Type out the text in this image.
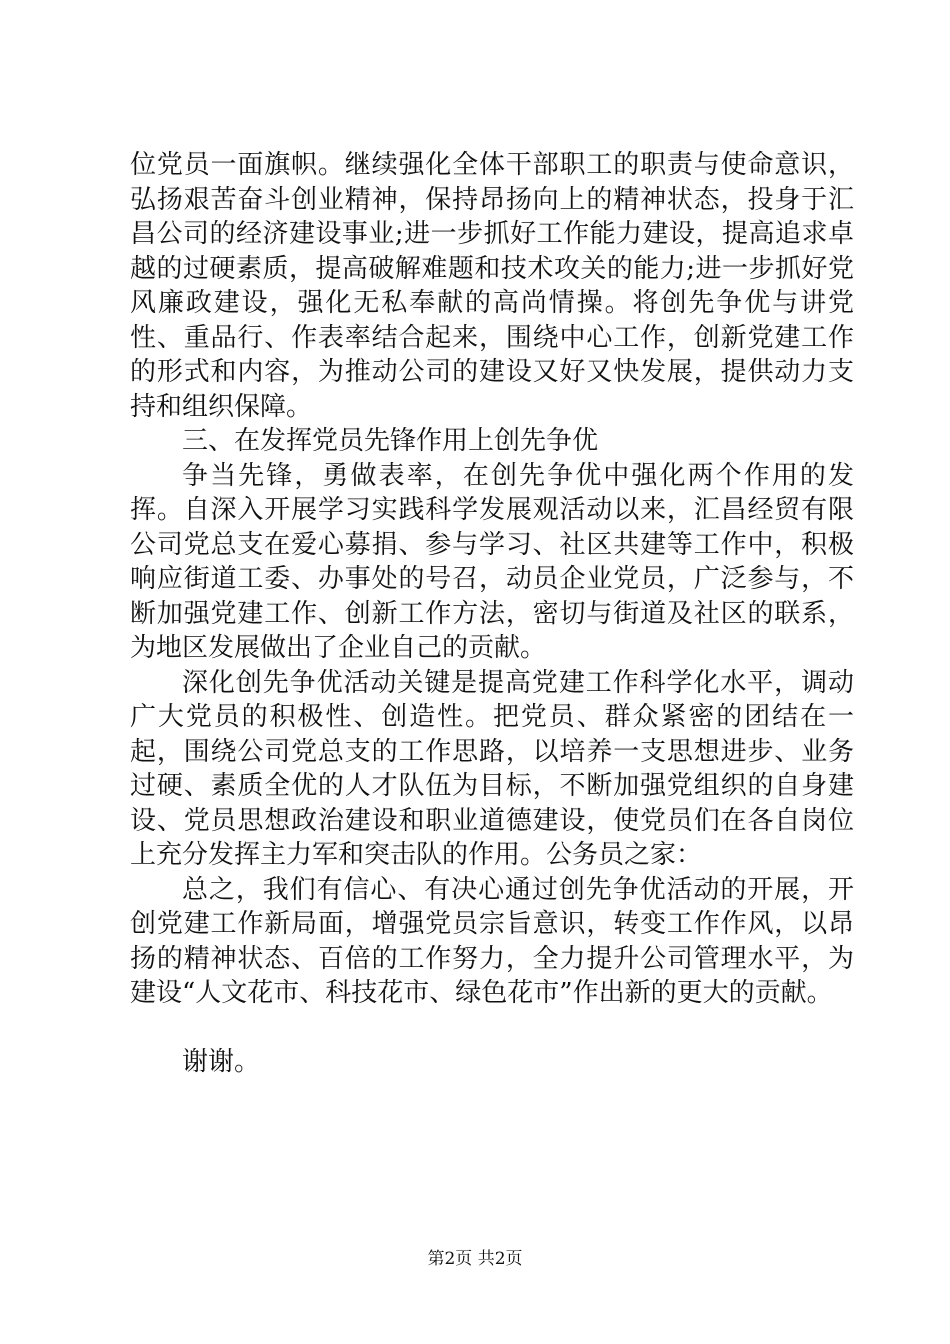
位党员一面旗帜。继续强化全体干部职工的职责与使命意识，弘扬艰苦奋斗创业精神，保持昂扬向上的精神状态，投身于汇昌公司的经济建设事业;进一步抓好工作能力建设，提高追求卓越的过硬素质，提高破解难题和技术攻关的能力;进一步抓好党风廉政建设，强化无私奉献的高尚情操。将创先争优与讲党性、重品行、作表率结合起来，围绕中心工作，创新党建工作的形式和内容，为推动公司的建设又好又快发展，提供动力支持和组织保障。

三、在发挥党员先锋作用上创先争优

争当先锋，勇做表率，在创先争优中强化两个作用的发挥。自深入开展学习实践科学发展观活动以来，汇昌经贸有限公司党总支在爱心募捐、参与学习、社区共建等工作中，积极响应街道工委、办事处的号召，动员企业党员，广泛参与，不断加强党建工作、创新工作方法，密切与街道及社区的联系，为地区发展做出了企业自己的贡献。

深化创先争优活动关键是提高党建工作科学化水平，调动广大党员的积极性、创造性。把党员、群众紧密的团结在一起，围绕公司党总支的工作思路，以培养一支思想进步、业务过硬、素质全优的人才队伍为目标，不断加强党组织的自身建设、党员思想政治建设和职业道德建设，使党员们在各自岗位上充分发挥主力军和突击队的作用。公务员之家：

总之，我们有信心、有决心通过创先争优活动的开展，开创党建工作新局面，增强党员宗旨意识，转变工作作风，以昂扬的精神状态、百倍的工作努力，全力提升公司管理水平，为建设“人文花市、科技花市、绿色花市”作出新的更大的贡献。

谢谢。

第2页 共2页
